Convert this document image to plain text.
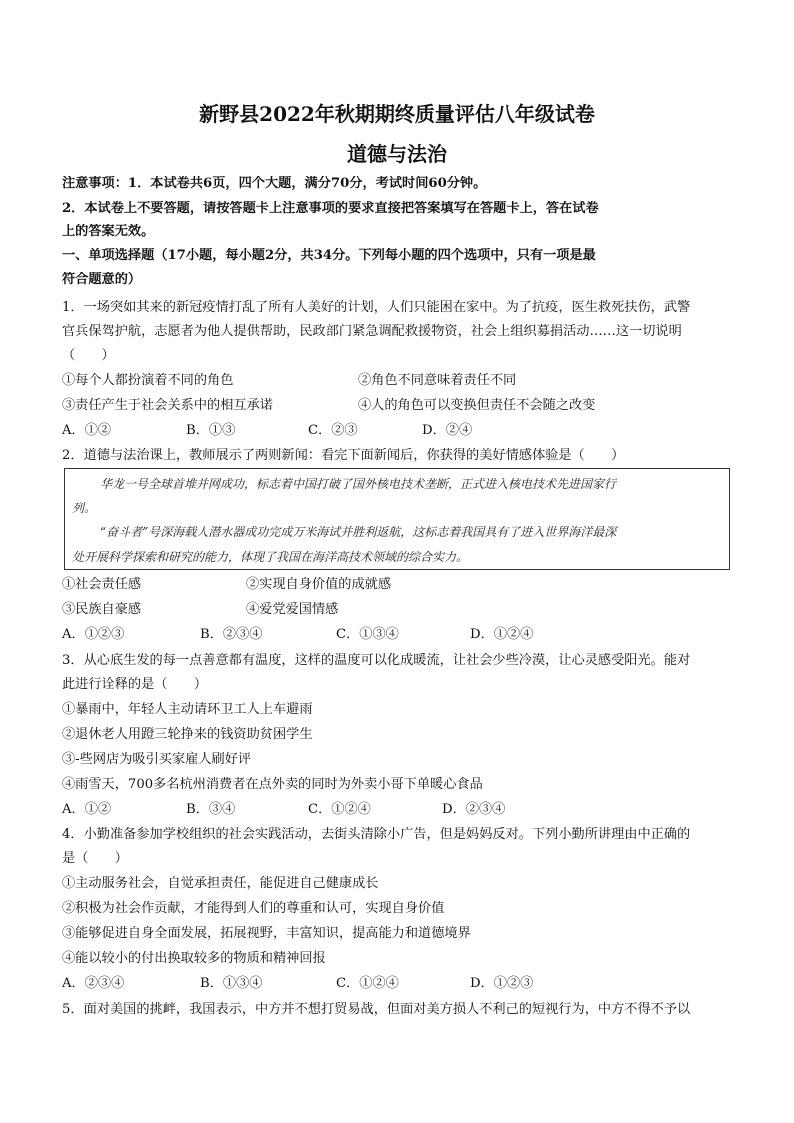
新野县2022年秋期期终质量评估八年级试卷
道德与法治
注意事项：1．本试卷共6页，四个大题，满分70分，考试时间60分钟。
2．本试卷上不要答题，请按答题卡上注意事项的要求直接把答案填写在答题卡上，答在试卷
上的答案无效。
一、单项选择题（17小题，每小题2分，共34分。下列每小题的四个选项中，只有一项是最
符合题意的）
1．一场突如其来的新冠疫情打乱了所有人美好的计划，人们只能困在家中。为了抗疫，医生救死扶伤，武警
官兵保驾护航，志愿者为他人提供帮助，民政部门紧急调配救援物资，社会上组织募捐活动……这一切说明
（　　）
①每个人都扮演着不同的角色	②角色不同意味着责任不同
③责任产生于社会关系中的相互承诺	④人的角色可以变换但责任不会随之改变
A．①②	B．①③	C．②③	D．②④
2．道德与法治课上，教师展示了两则新闻：看完下面新闻后，你获得的美好情感体验是（　　）
华龙一号全球首堆并网成功，标志着中国打破了国外核电技术垄断，正式进入核电技术先进国家行
列。
“奋斗者”号深海载人潜水器成功完成万米海试并胜利返航，这标志着我国具有了进入世界海洋最深
处开展科学探索和研究的能力，体现了我国在海洋高技术领域的综合实力。
①社会责任感	②实现自身价值的成就感
③民族自豪感	④爱党爱国情感
A．①②③	B．②③④	C．①③④	D．①②④
3．从心底生发的每一点善意都有温度，这样的温度可以化成暖流，让社会少些冷漠，让心灵感受阳光。能对
此进行诠释的是（　　）
①暴雨中，年轻人主动请环卫工人上车避雨
②退休老人用蹬三轮挣来的钱资助贫困学生
③-些网店为吸引买家雇人刷好评
④雨雪天，700多名杭州消费者在点外卖的同时为外卖小哥下单暖心食品
A．①②	B．③④	C．①②④	D．②③④
4．小勤准备参加学校组织的社会实践活动，去街头清除小广告，但是妈妈反对。下列小勤所讲理由中正确的
是（　　）
①主动服务社会，自觉承担责任，能促进自己健康成长
②积极为社会作贡献，才能得到人们的尊重和认可，实现自身价值
③能够促进自身全面发展，拓展视野，丰富知识，提高能力和道德境界
④能以较小的付出换取较多的物质和精神回报
A．②③④	B．①③④	C．①②④	D．①②③
5．面对美国的挑衅，我国表示，中方并不想打贸易战，但面对美方损人不利己的短视行为，中方不得不予以
